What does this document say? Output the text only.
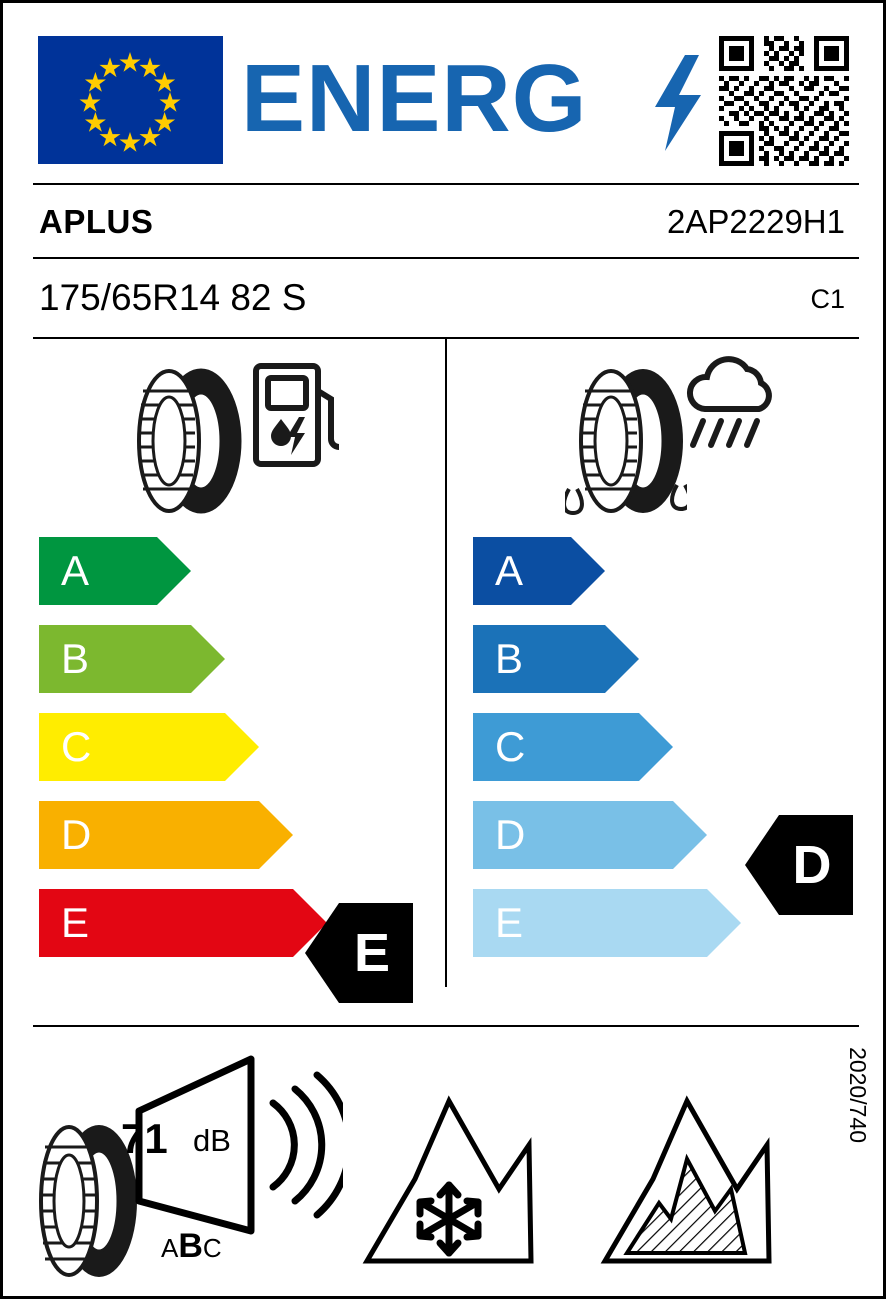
ENERG
APLUS	2AP2229H1
175/65R14 82 S	C1
A
B
C
D
E
E
A
B
C
D
E
D
71 dB
ABC
2020/740
